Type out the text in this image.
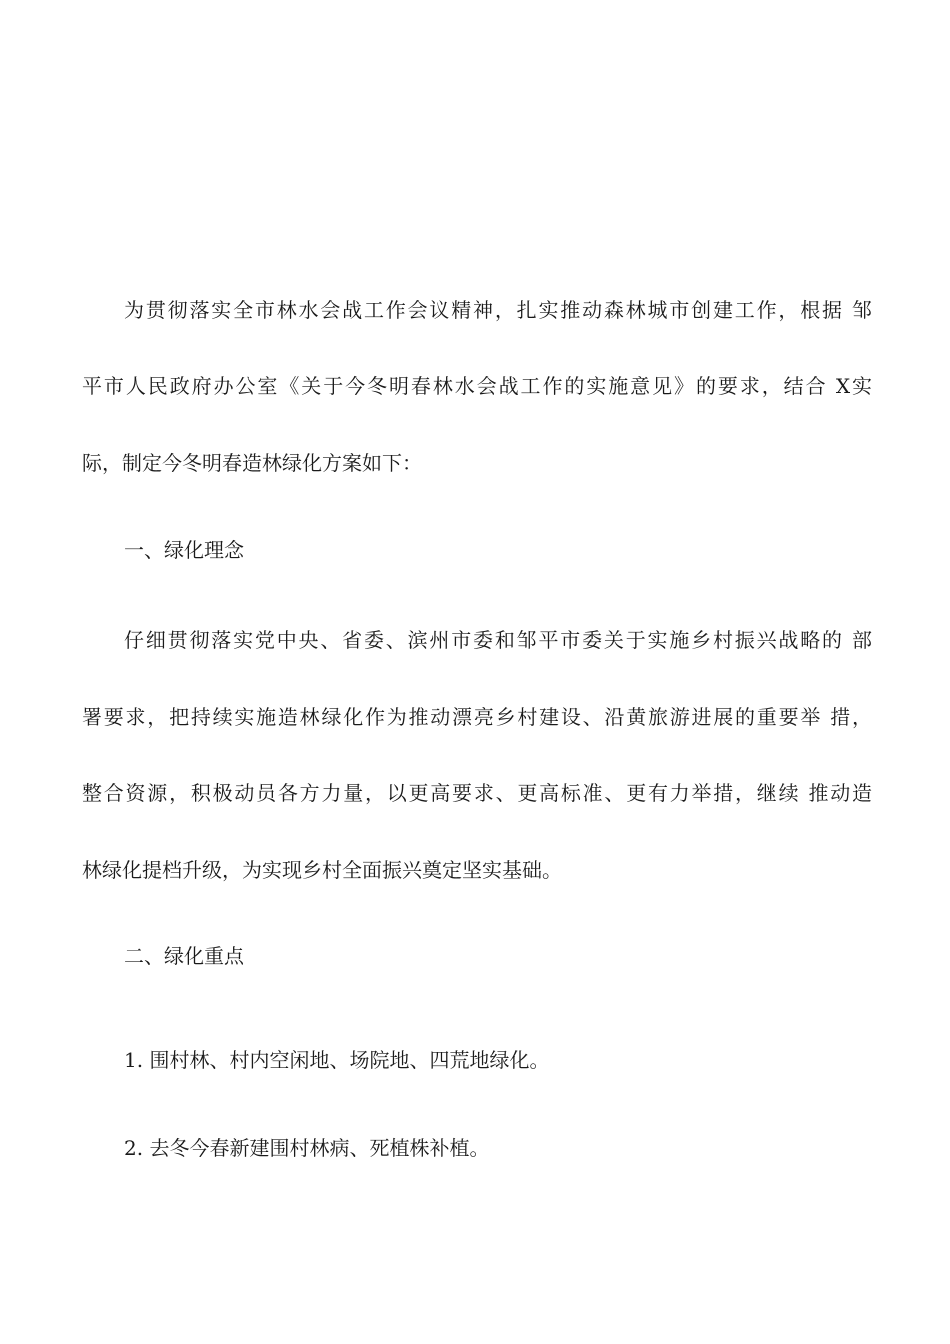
为贯彻落实全市林水会战工作会议精神，扎实推动森林城市创建工作，根据 邹
平市人民政府办公室《关于今冬明春林水会战工作的实施意见》的要求，结合 X实
际，制定今冬明春造林绿化方案如下：
一、绿化理念
仔细贯彻落实党中央、省委、滨州市委和邹平市委关于实施乡村振兴战略的 部
署要求，把持续实施造林绿化作为推动漂亮乡村建设、沿黄旅游进展的重要举 措，
整合资源，积极动员各方力量，以更高要求、更高标准、更有力举措，继续 推动造
林绿化提档升级，为实现乡村全面振兴奠定坚实基础。
二、绿化重点
1. 围村林、村内空闲地、场院地、四荒地绿化。
2. 去冬今春新建围村林病、死植株补植。
